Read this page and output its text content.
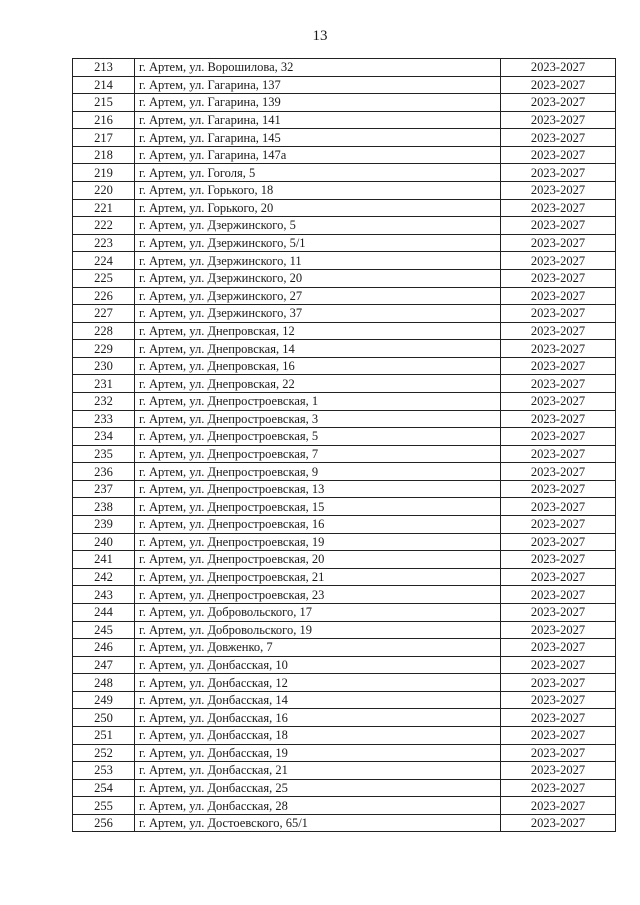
13
213	г. Артем, ул. Ворошилова, 32	2023-2027
214	г. Артем, ул. Гагарина, 137	2023-2027
215	г. Артем, ул. Гагарина, 139	2023-2027
216	г. Артем, ул. Гагарина, 141	2023-2027
217	г. Артем, ул. Гагарина, 145	2023-2027
218	г. Артем, ул. Гагарина, 147а	2023-2027
219	г. Артем, ул. Гоголя, 5	2023-2027
220	г. Артем, ул. Горького, 18	2023-2027
221	г. Артем, ул. Горького, 20	2023-2027
222	г. Артем, ул. Дзержинского, 5	2023-2027
223	г. Артем, ул. Дзержинского, 5/1	2023-2027
224	г. Артем, ул. Дзержинского, 11	2023-2027
225	г. Артем, ул. Дзержинского, 20	2023-2027
226	г. Артем, ул. Дзержинского, 27	2023-2027
227	г. Артем, ул. Дзержинского, 37	2023-2027
228	г. Артем, ул. Днепровская, 12	2023-2027
229	г. Артем, ул. Днепровская, 14	2023-2027
230	г. Артем, ул. Днепровская, 16	2023-2027
231	г. Артем, ул. Днепровская, 22	2023-2027
232	г. Артем, ул. Днепростроевская, 1	2023-2027
233	г. Артем, ул. Днепростроевская, 3	2023-2027
234	г. Артем, ул. Днепростроевская, 5	2023-2027
235	г. Артем, ул. Днепростроевская, 7	2023-2027
236	г. Артем, ул. Днепростроевская, 9	2023-2027
237	г. Артем, ул. Днепростроевская, 13	2023-2027
238	г. Артем, ул. Днепростроевская, 15	2023-2027
239	г. Артем, ул. Днепростроевская, 16	2023-2027
240	г. Артем, ул. Днепростроевская, 19	2023-2027
241	г. Артем, ул. Днепростроевская, 20	2023-2027
242	г. Артем, ул. Днепростроевская, 21	2023-2027
243	г. Артем, ул. Днепростроевская, 23	2023-2027
244	г. Артем, ул. Добровольского, 17	2023-2027
245	г. Артем, ул. Добровольского, 19	2023-2027
246	г. Артем, ул. Довженко, 7	2023-2027
247	г. Артем, ул. Донбасская, 10	2023-2027
248	г. Артем, ул. Донбасская, 12	2023-2027
249	г. Артем, ул. Донбасская, 14	2023-2027
250	г. Артем, ул. Донбасская, 16	2023-2027
251	г. Артем, ул. Донбасская, 18	2023-2027
252	г. Артем, ул. Донбасская, 19	2023-2027
253	г. Артем, ул. Донбасская, 21	2023-2027
254	г. Артем, ул. Донбасская, 25	2023-2027
255	г. Артем, ул. Донбасская, 28	2023-2027
256	г. Артем, ул. Достоевского, 65/1	2023-2027
